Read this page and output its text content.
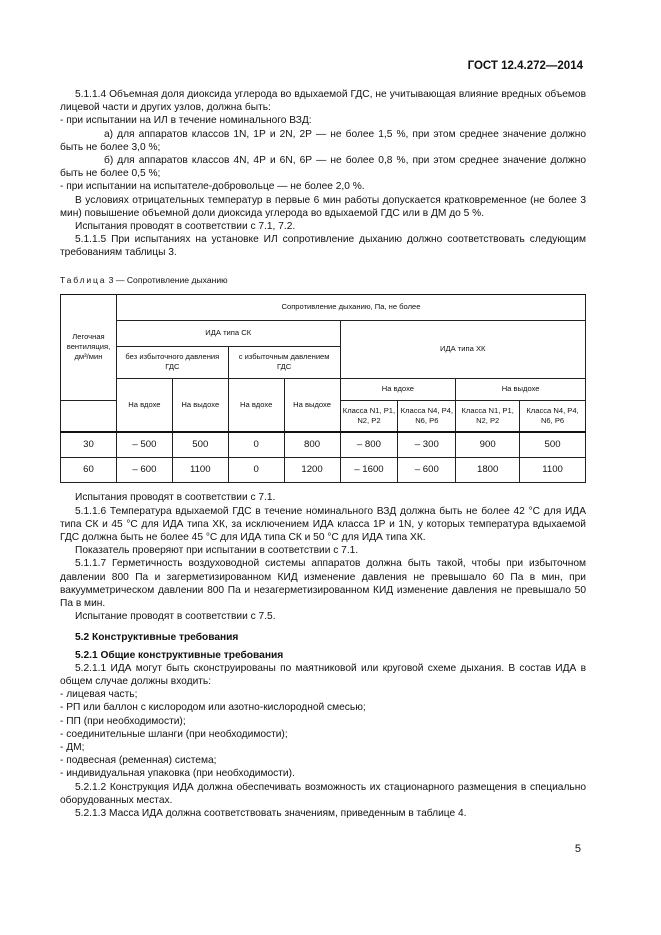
ГОСТ 12.4.272—2014

5.1.1.4 Объемная доля диоксида углерода во вдыхаемой ГДС, не учитывающая влияние вредных объемов лицевой части и других узлов, должна быть:

- при испытании на ИЛ в течение номинального ВЗД:

а) для аппаратов классов 1N, 1Р и 2N, 2Р — не более 1,5 %, при этом среднее значение должно быть не более 3,0 %;

б) для аппаратов классов 4N, 4Р и 6N, 6Р — не более 0,8 %, при этом среднее значение должно быть не более 0,5 %;

- при испытании на испытателе-добровольце — не более 2,0 %.

В условиях отрицательных температур в первые 6 мин работы допускается кратковременное (не более 3 мин) повышение объемной доли диоксида углерода во вдыхаемой ГДС или в ДМ до 5 %.

Испытания проводят в соответствии с 7.1, 7.2.

5.1.1.5 При испытаниях на установке ИЛ сопротивление дыханию должно соответствовать следующим требованиям таблицы 3.

Таблица 3 — Сопротивление дыханию
Легочная вентиляция, дм³/мин	Сопротивление дыханию, Па, не более							
	ИДА типа СК				ИДА типа ХК			
	без избыточного давления ГДС		с избыточным давлением ГДС					
	На вдохе	На выдохе	На вдохе	На выдохе	На вдохе		На выдохе	
					Класса N1, P1, N2, P2	Класса N4, P4, N6, P6	Класса N1, P1, N2, P2	Класса N4, P4, N6, P6
30	– 500	500	0	800	– 800	– 300	900	500
60	– 600	1100	0	1200	– 1600	– 600	1800	1100

Испытания проводят в соответствии с 7.1.

5.1.1.6 Температура вдыхаемой ГДС в течение номинального ВЗД должна быть не более 42 °С для ИДА типа СК и 45 °С для ИДА типа ХК, за исключением ИДА класса 1Р и 1N, у которых температура вдыхаемой ГДС должна быть не более 45 °С для ИДА типа СК и 50 °С для ИДА типа ХК.

Показатель проверяют при испытании в соответствии с 7.1.

5.1.1.7 Герметичность воздуховодной системы аппаратов должна быть такой, чтобы при избыточном давлении 800 Па и загерметизированном КИД изменение давления не превышало 60 Па в мин, при вакуумметрическом давлении 800 Па и незагерметизированном КИД изменение давления не превышало 50 Па в мин.

Испытание проводят в соответствии с 7.5.

5.2 Конструктивные требования

5.2.1 Общие конструктивные требования

5.2.1.1 ИДА могут быть сконструированы по маятниковой или круговой схеме дыхания. В состав ИДА в общем случае должны входить:

- лицевая часть;

- РП или баллон с кислородом или азотно-кислородной смесью;

- ПП (при необходимости);

- соединительные шланги (при необходимости);

- ДМ;

- подвесная (ременная) система;

- индивидуальная упаковка (при необходимости).

5.2.1.2 Конструкция ИДА должна обеспечивать возможность их стационарного размещения в специально оборудованных местах.

5.2.1.3 Масса ИДА должна соответствовать значениям, приведенным в таблице 4.

5
